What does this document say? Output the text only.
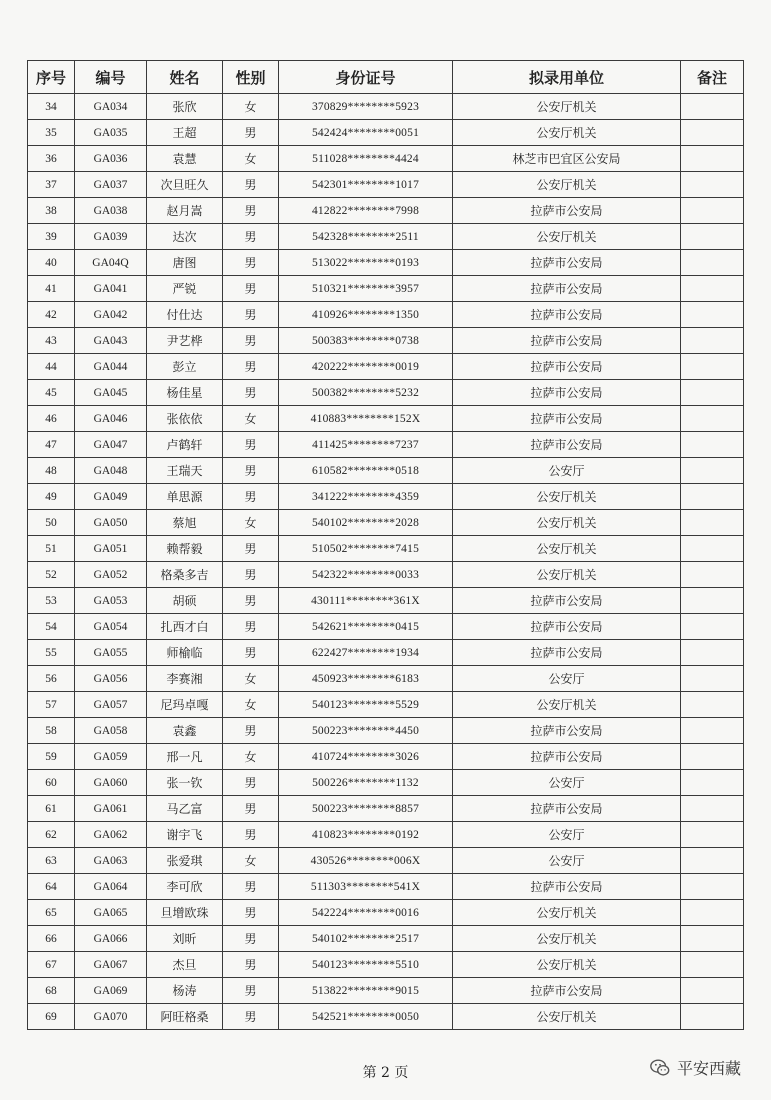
序号	编号	姓名	性别	身份证号	拟录用单位	备注
34	GA034	张欣	女	370829********5923	公安厅机关	
35	GA035	王超	男	542424********0051	公安厅机关	
36	GA036	袁慧	女	511028********4424	林芝市巴宜区公安局	
37	GA037	次旦旺久	男	542301********1017	公安厅机关	
38	GA038	赵月嵩	男	412822********7998	拉萨市公安局	
39	GA039	达次	男	542328********2511	公安厅机关	
40	GA04Q	唐图	男	513022********0193	拉萨市公安局	
41	GA041	严锐	男	510321********3957	拉萨市公安局	
42	GA042	付仕达	男	410926********1350	拉萨市公安局	
43	GA043	尹艺桦	男	500383********0738	拉萨市公安局	
44	GA044	彭立	男	420222********0019	拉萨市公安局	
45	GA045	杨佳星	男	500382********5232	拉萨市公安局	
46	GA046	张依依	女	410883********152X	拉萨市公安局	
47	GA047	卢鹤轩	男	411425********7237	拉萨市公安局	
48	GA048	王瑞天	男	610582********0518	公安厅	
49	GA049	单思源	男	341222********4359	公安厅机关	
50	GA050	蔡旭	女	540102********2028	公安厅机关	
51	GA051	赖帮毅	男	510502********7415	公安厅机关	
52	GA052	格桑多吉	男	542322********0033	公安厅机关	
53	GA053	胡硕	男	430111********361X	拉萨市公安局	
54	GA054	扎西才白	男	542621********0415	拉萨市公安局	
55	GA055	师榆临	男	622427********1934	拉萨市公安局	
56	GA056	李赛湘	女	450923********6183	公安厅	
57	GA057	尼玛卓嘎	女	540123********5529	公安厅机关	
58	GA058	袁鑫	男	500223********4450	拉萨市公安局	
59	GA059	邢一凡	女	410724********3026	拉萨市公安局	
60	GA060	张一钦	男	500226********1132	公安厅	
61	GA061	马乙富	男	500223********8857	拉萨市公安局	
62	GA062	谢宇飞	男	410823********0192	公安厅	
63	GA063	张爱琪	女	430526********006X	公安厅	
64	GA064	李可欣	男	511303********541X	拉萨市公安局	
65	GA065	旦增欧珠	男	542224********0016	公安厅机关	
66	GA066	刘昕	男	540102********2517	公安厅机关	
67	GA067	杰旦	男	540123********5510	公安厅机关	
68	GA069	杨涛	男	513822********9015	拉萨市公安局	
69	GA070	阿旺格桑	男	542521********0050	公安厅机关	
第 2 页	平安西藏
